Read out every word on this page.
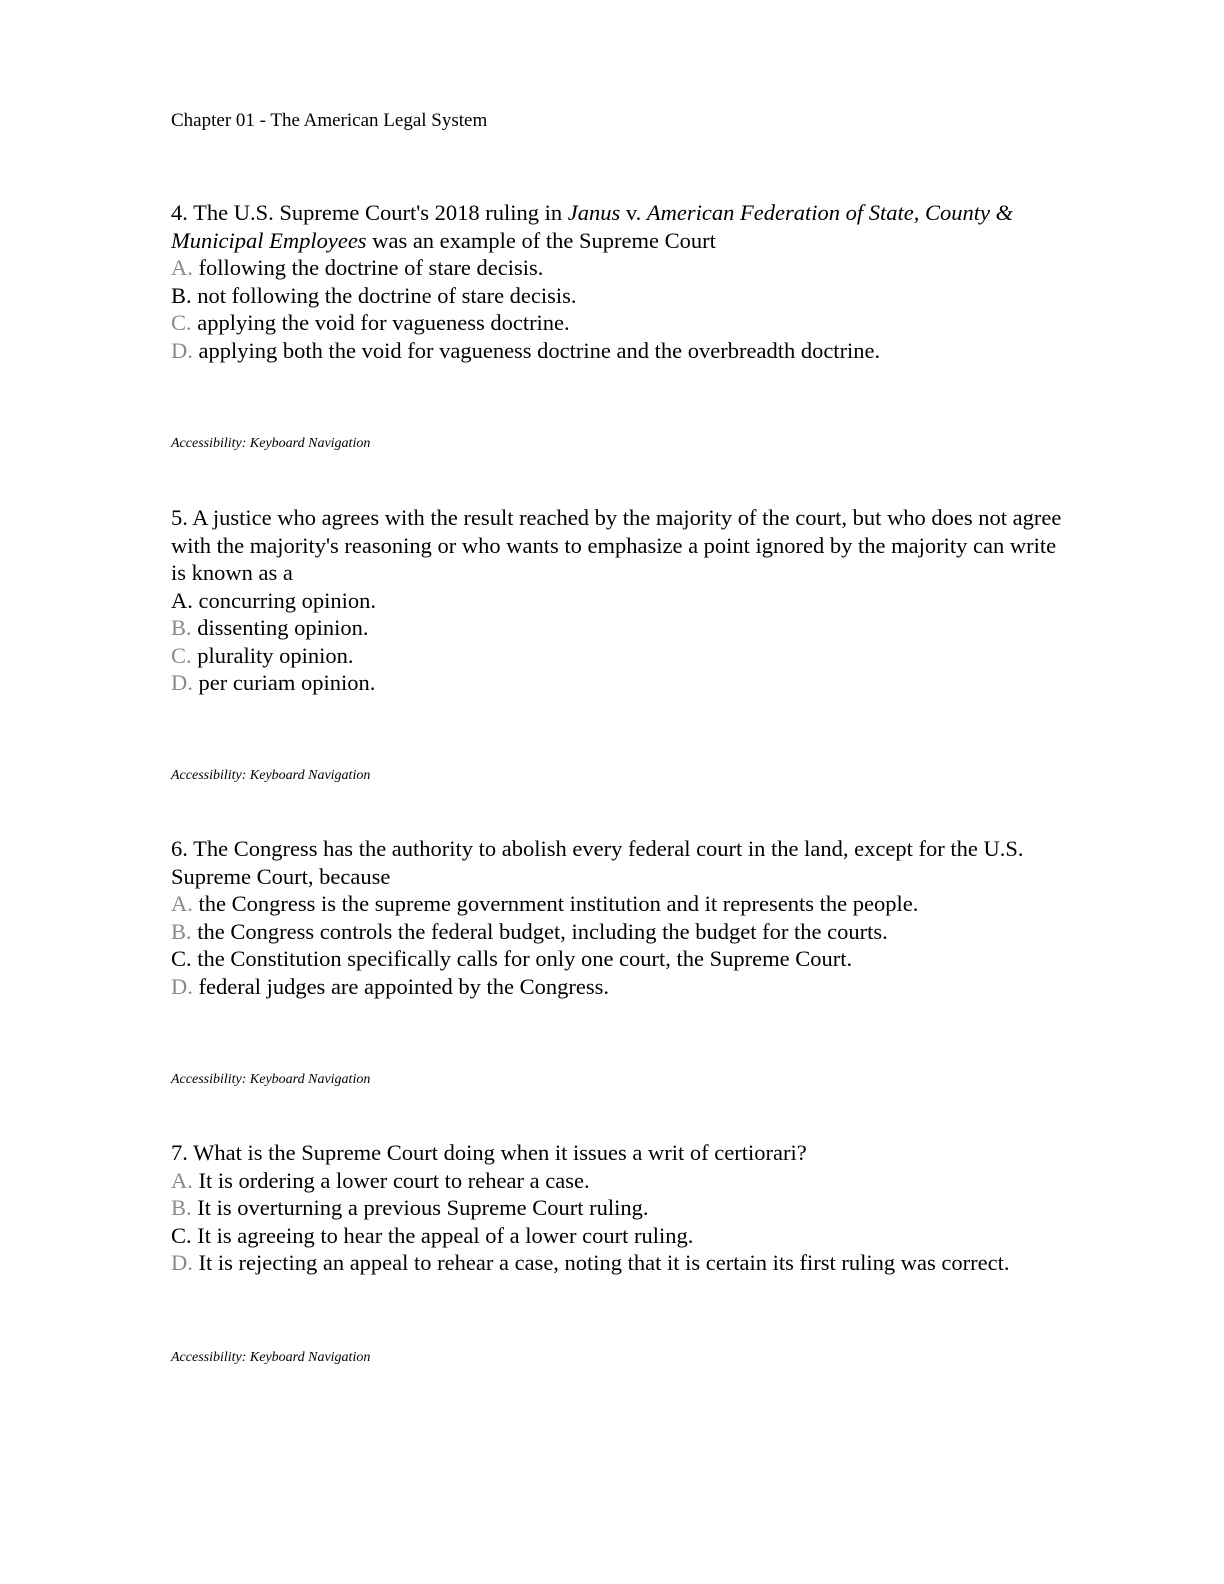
Chapter 01 - The American Legal System

4. The U.S. Supreme Court's 2018 ruling in Janus v. American Federation of State, County & Municipal Employees was an example of the Supreme Court

A. following the doctrine of stare decisis.
B. not following the doctrine of stare decisis.
C. applying the void for vagueness doctrine.
D. applying both the void for vagueness doctrine and the overbreadth doctrine.
Accessibility: Keyboard Navigation

5. A justice who agrees with the result reached by the majority of the court, but who does not agree with the majority's reasoning or who wants to emphasize a point ignored by the majority can write is known as a

A. concurring opinion.
B. dissenting opinion.
C. plurality opinion.
D. per curiam opinion.
Accessibility: Keyboard Navigation

6. The Congress has the authority to abolish every federal court in the land, except for the U.S. Supreme Court, because

A. the Congress is the supreme government institution and it represents the people.
B. the Congress controls the federal budget, including the budget for the courts.
C. the Constitution specifically calls for only one court, the Supreme Court.
D. federal judges are appointed by the Congress.
Accessibility: Keyboard Navigation

7. What is the Supreme Court doing when it issues a writ of certiorari?

A. It is ordering a lower court to rehear a case.
B. It is overturning a previous Supreme Court ruling.
C. It is agreeing to hear the appeal of a lower court ruling.
D. It is rejecting an appeal to rehear a case, noting that it is certain its first ruling was correct.
Accessibility: Keyboard Navigation
